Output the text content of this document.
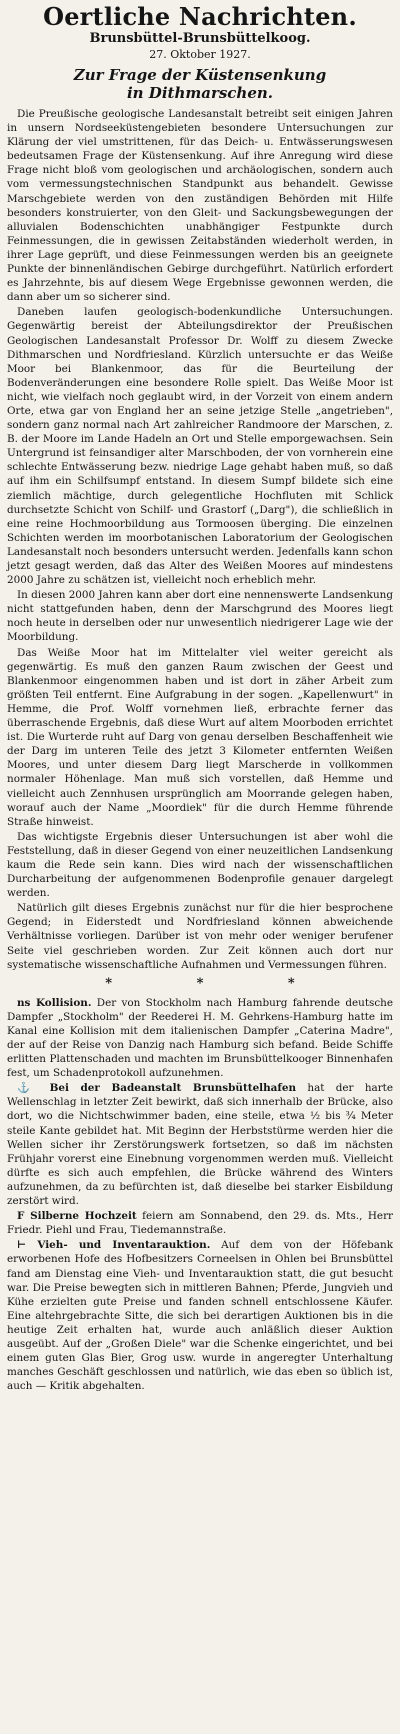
Oertliche Nachrichten.
Brunsbüttel-Brunsbüttelkoog.
27. Oktober 1927.
Zur Frage der Küstensenkung
in Dithmarschen.

Die Preußische geologische Landesanstalt betreibt seit einigen Jahren in unsern Nordseeküstengebieten besondere Untersuchungen zur Klärung der viel umstrittenen, für das Deich- u. Entwässerungswesen bedeutsamen Frage der Küstensenkung. Auf ihre Anregung wird diese Frage nicht bloß vom geologischen und archäologischen, sondern auch vom vermessungstechnischen Standpunkt aus behandelt. Gewisse Marschgebiete werden von den zuständigen Behörden mit Hilfe besonders konstruierter, von den Gleit- und Sackungsbewegungen der alluvialen Bodenschichten unabhängiger Festpunkte durch Feinmessungen, die in gewissen Zeitabständen wiederholt werden, in ihrer Lage geprüft, und diese Feinmessungen werden bis an geeignete Punkte der binnenländischen Gebirge durchgeführt. Natürlich erfordert es Jahrzehnte, bis auf diesem Wege Ergebnisse gewonnen werden, die dann aber um so sicherer sind.

Daneben laufen geologisch-bodenkundliche Untersuchungen. Gegenwärtig bereist der Abteilungsdirektor der Preußischen Geologischen Landesanstalt Professor Dr. Wolff zu diesem Zwecke Dithmarschen und Nordfriesland. Kürzlich untersuchte er das Weiße Moor bei Blankenmoor, das für die Beurteilung der Bodenveränderungen eine besondere Rolle spielt. Das Weiße Moor ist nicht, wie vielfach noch geglaubt wird, in der Vorzeit von einem andern Orte, etwa gar von England her an seine jetzige Stelle „angetrieben", sondern ganz normal nach Art zahlreicher Randmoore der Marschen, z. B. der Moore im Lande Hadeln an Ort und Stelle emporgewachsen. Sein Untergrund ist feinsandiger alter Marschboden, der von vornherein eine schlechte Entwässerung bezw. niedrige Lage gehabt haben muß, so daß auf ihm ein Schilfsumpf entstand. In diesem Sumpf bildete sich eine ziemlich mächtige, durch gelegentliche Hochfluten mit Schlick durchsetzte Schicht von Schilf- und Grastorf („Darg"), die schließlich in eine reine Hochmoorbildung aus Tormoosen überging. Die einzelnen Schichten werden im moorbotanischen Laboratorium der Geologischen Landesanstalt noch besonders untersucht werden. Jedenfalls kann schon jetzt gesagt werden, daß das Alter des Weißen Moores auf mindestens 2000 Jahre zu schätzen ist, vielleicht noch erheblich mehr.

In diesen 2000 Jahren kann aber dort eine nennenswerte Landsenkung nicht stattgefunden haben, denn der Marschgrund des Moores liegt noch heute in derselben oder nur unwesentlich niedrigerer Lage wie der Moorbildung.

Das Weiße Moor hat im Mittelalter viel weiter gereicht als gegenwärtig. Es muß den ganzen Raum zwischen der Geest und Blankenmoor eingenommen haben und ist dort in zäher Arbeit zum größten Teil entfernt. Eine Aufgrabung in der sogen. „Kapellenwurt" in Hemme, die Prof. Wolff vornehmen ließ, erbrachte ferner das überraschende Ergebnis, daß diese Wurt auf altem Moorboden errichtet ist. Die Wurterde ruht auf Darg von genau derselben Beschaffenheit wie der Darg im unteren Teile des jetzt 3 Kilometer entfernten Weißen Moores, und unter diesem Darg liegt Marscherde in vollkommen normaler Höhenlage. Man muß sich vorstellen, daß Hemme und vielleicht auch Zennhusen ursprünglich am Moorrande gelegen haben, worauf auch der Name „Moordiek" für die durch Hemme führende Straße hinweist.

Das wichtigste Ergebnis dieser Untersuchungen ist aber wohl die Feststellung, daß in dieser Gegend von einer neuzeitlichen Landsenkung kaum die Rede sein kann. Dies wird nach der wissenschaftlichen Durcharbeitung der aufgenommenen Bodenprofile genauer dargelegt werden.

Natürlich gilt dieses Ergebnis zunächst nur für die hier besprochene Gegend; in Eiderstedt und Nordfriesland können abweichende Verhältnisse vorliegen. Darüber ist von mehr oder weniger berufener Seite viel geschrieben worden. Zur Zeit können auch dort nur systematische wissenschaftliche Aufnahmen und Vermessungen führen.

* * *

ns Kollision. Der von Stockholm nach Hamburg fahrende deutsche Dampfer „Stockholm" der Reederei H. M. Gehrkens-Hamburg hatte im Kanal eine Kollision mit dem italienischen Dampfer „Caterina Madre", der auf der Reise von Danzig nach Hamburg sich befand. Beide Schiffe erlitten Plattenschaden und machten im Brunsbüttelkooger Binnenhafen fest, um Schadenprotokoll aufzunehmen.

⚓ Bei der Badeanstalt Brunsbüttelhafen hat der harte Wellenschlag in letzter Zeit bewirkt, daß sich innerhalb der Brücke, also dort, wo die Nichtschwimmer baden, eine steile, etwa ½ bis ¾ Meter steile Kante gebildet hat. Mit Beginn der Herbststürme werden hier die Wellen sicher ihr Zerstörungswerk fortsetzen, so daß im nächsten Frühjahr vorerst eine Einebnung vorgenommen werden muß. Vielleicht dürfte es sich auch empfehlen, die Brücke während des Winters aufzunehmen, da zu befürchten ist, daß dieselbe bei starker Eisbildung zerstört wird.

F Silberne Hochzeit feiern am Sonnabend, den 29. ds. Mts., Herr Friedr. Piehl und Frau, Tiedemannstraße.

⊢ Vieh- und Inventarauktion. Auf dem von der Höfebank erworbenen Hofe des Hofbesitzers Corneelsen in Ohlen bei Brunsbüttel fand am Dienstag eine Vieh- und Inventarauktion statt, die gut besucht war. Die Preise bewegten sich in mittleren Bahnen; Pferde, Jungvieh und Kühe erzielten gute Preise und fanden schnell entschlossene Käufer. Eine altehrgebrachte Sitte, die sich bei derartigen Auktionen bis in die heutige Zeit erhalten hat, wurde auch anläßlich dieser Auktion ausgeübt. Auf der „Großen Diele" war die Schenke eingerichtet, und bei einem guten Glas Bier, Grog usw. wurde in angeregter Unterhaltung manches Geschäft geschlossen und natürlich, wie das eben so üblich ist, auch — Kritik abgehalten.
